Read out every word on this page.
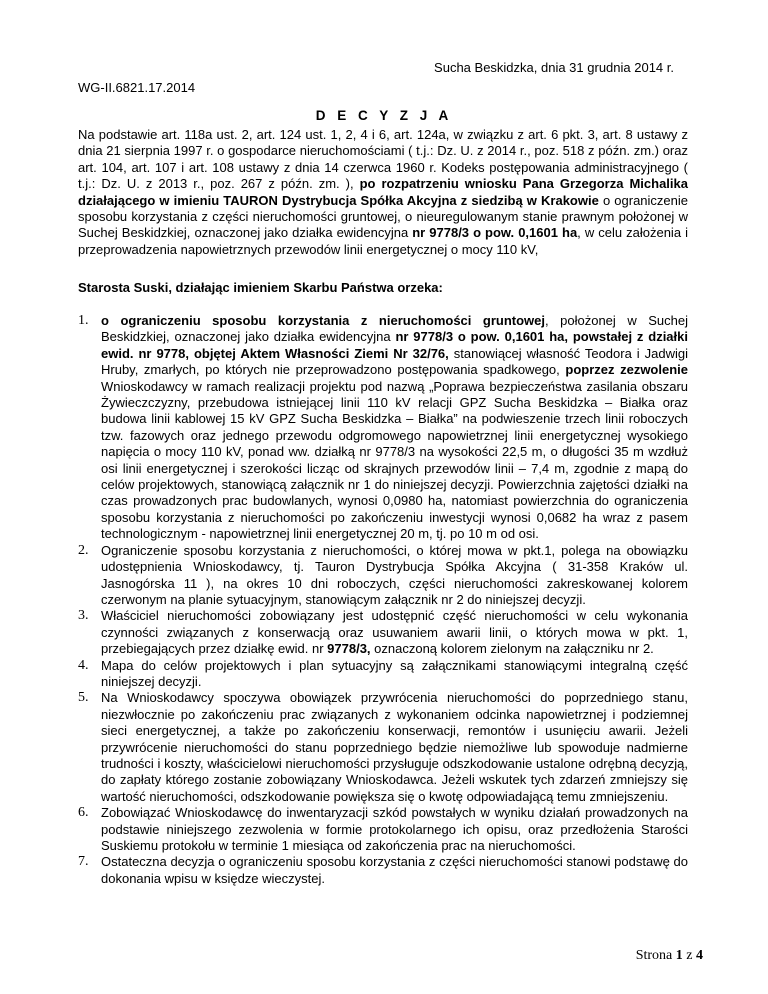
Sucha Beskidzka, dnia 31 grudnia 2014 r.
WG-II.6821.17.2014
D E C Y Z J A
Na podstawie art. 118a ust. 2, art. 124 ust. 1, 2, 4 i 6, art. 124a, w związku z art. 6 pkt. 3, art. 8 ustawy z dnia 21 sierpnia 1997 r. o gospodarce nieruchomościami ( t.j.: Dz. U. z 2014 r., poz. 518 z późn. zm.) oraz art. 104, art. 107 i art. 108 ustawy z dnia 14 czerwca 1960 r. Kodeks postępowania administracyjnego ( t.j.: Dz. U. z 2013 r., poz. 267 z późn. zm. ), po rozpatrzeniu wniosku Pana Grzegorza Michalika działającego w imieniu TAURON Dystrybucja Spółka Akcyjna z siedzibą w Krakowie o ograniczenie sposobu korzystania z części nieruchomości gruntowej, o nieuregulowanym stanie prawnym położonej w Suchej Beskidzkiej, oznaczonej jako działka ewidencyjna nr 9778/3 o pow. 0,1601 ha, w celu założenia i przeprowadzenia napowietrznych przewodów linii energetycznej o mocy 110 kV,
Starosta Suski, działając imieniem Skarbu Państwa orzeka:
1. o ograniczeniu sposobu korzystania z nieruchomości gruntowej, położonej w Suchej Beskidzkiej, oznaczonej jako działka ewidencyjna nr 9778/3 o pow. 0,1601 ha, powstałej z działki ewid. nr 9778, objętej Aktem Własności Ziemi Nr 32/76, stanowiącej własność Teodora i Jadwigi Hruby, zmarłych, po których nie przeprowadzono postępowania spadkowego, poprzez zezwolenie Wnioskodawcy w ramach realizacji projektu pod nazwą „Poprawa bezpieczeństwa zasilania obszaru Żywieczczyzny, przebudowa istniejącej linii 110 kV relacji GPZ Sucha Beskidzka – Białka oraz budowa linii kablowej 15 kV GPZ Sucha Beskidzka – Białka” na podwieszenie trzech linii roboczych tzw. fazowych oraz jednego przewodu odgromowego napowietrznej linii energetycznej wysokiego napięcia o mocy 110 kV, ponad ww. działką nr 9778/3 na wysokości 22,5 m, o długości 35 m wzdłuż osi linii energetycznej i szerokości licząc od skrajnych przewodów linii – 7,4 m, zgodnie z mapą do celów projektowych, stanowiącą załącznik nr 1 do niniejszej decyzji. Powierzchnia zajętości działki na czas prowadzonych prac budowlanych, wynosi 0,0980 ha, natomiast powierzchnia do ograniczenia sposobu korzystania z nieruchomości po zakończeniu inwestycji wynosi 0,0682 ha wraz z pasem technologicznym - napowietrznej linii energetycznej 20 m, tj. po 10 m od osi.
2. Ograniczenie sposobu korzystania z nieruchomości, o której mowa w pkt.1, polega na obowiązku udostępnienia Wnioskodawcy, tj. Tauron Dystrybucja Spółka Akcyjna ( 31-358 Kraków ul. Jasnogórska 11 ), na okres 10 dni roboczych, części nieruchomości zakreskowanej kolorem czerwonym na planie sytuacyjnym, stanowiącym załącznik nr 2 do niniejszej decyzji.
3. Właściciel nieruchomości zobowiązany jest udostępnić część nieruchomości w celu wykonania czynności związanych z konserwacją oraz usuwaniem awarii linii, o których mowa w pkt. 1, przebiegających przez działkę ewid. nr 9778/3, oznaczoną kolorem zielonym na załączniku nr 2.
4. Mapa do celów projektowych i plan sytuacyjny są załącznikami stanowiącymi integralną część niniejszej decyzji.
5. Na Wnioskodawcy spoczywa obowiązek przywrócenia nieruchomości do poprzedniego stanu, niezwłocznie po zakończeniu prac związanych z wykonaniem odcinka napowietrznej i podziemnej sieci energetycznej, a także po zakończeniu konserwacji, remontów i usunięciu awarii. Jeżeli przywrócenie nieruchomości do stanu poprzedniego będzie niemożliwe lub spowoduje nadmierne trudności i koszty, właścicielowi nieruchomości przysługuje odszkodowanie ustalone odrębną decyzją, do zapłaty którego zostanie zobowiązany Wnioskodawca. Jeżeli wskutek tych zdarzeń zmniejszy się wartość nieruchomości, odszkodowanie powiększa się o kwotę odpowiadającą temu zmniejszeniu.
6. Zobowiązać Wnioskodawcę do inwentaryzacji szkód powstałych w wyniku działań prowadzonych na podstawie niniejszego zezwolenia w formie protokolarnego ich opisu, oraz przedłożenia Starości Suskiemu protokołu w terminie 1 miesiąca od zakończenia prac na nieruchomości.
7. Ostateczna decyzja o ograniczeniu sposobu korzystania z części nieruchomości stanowi podstawę do dokonania wpisu w księdze wieczystej.
Strona 1 z 4
